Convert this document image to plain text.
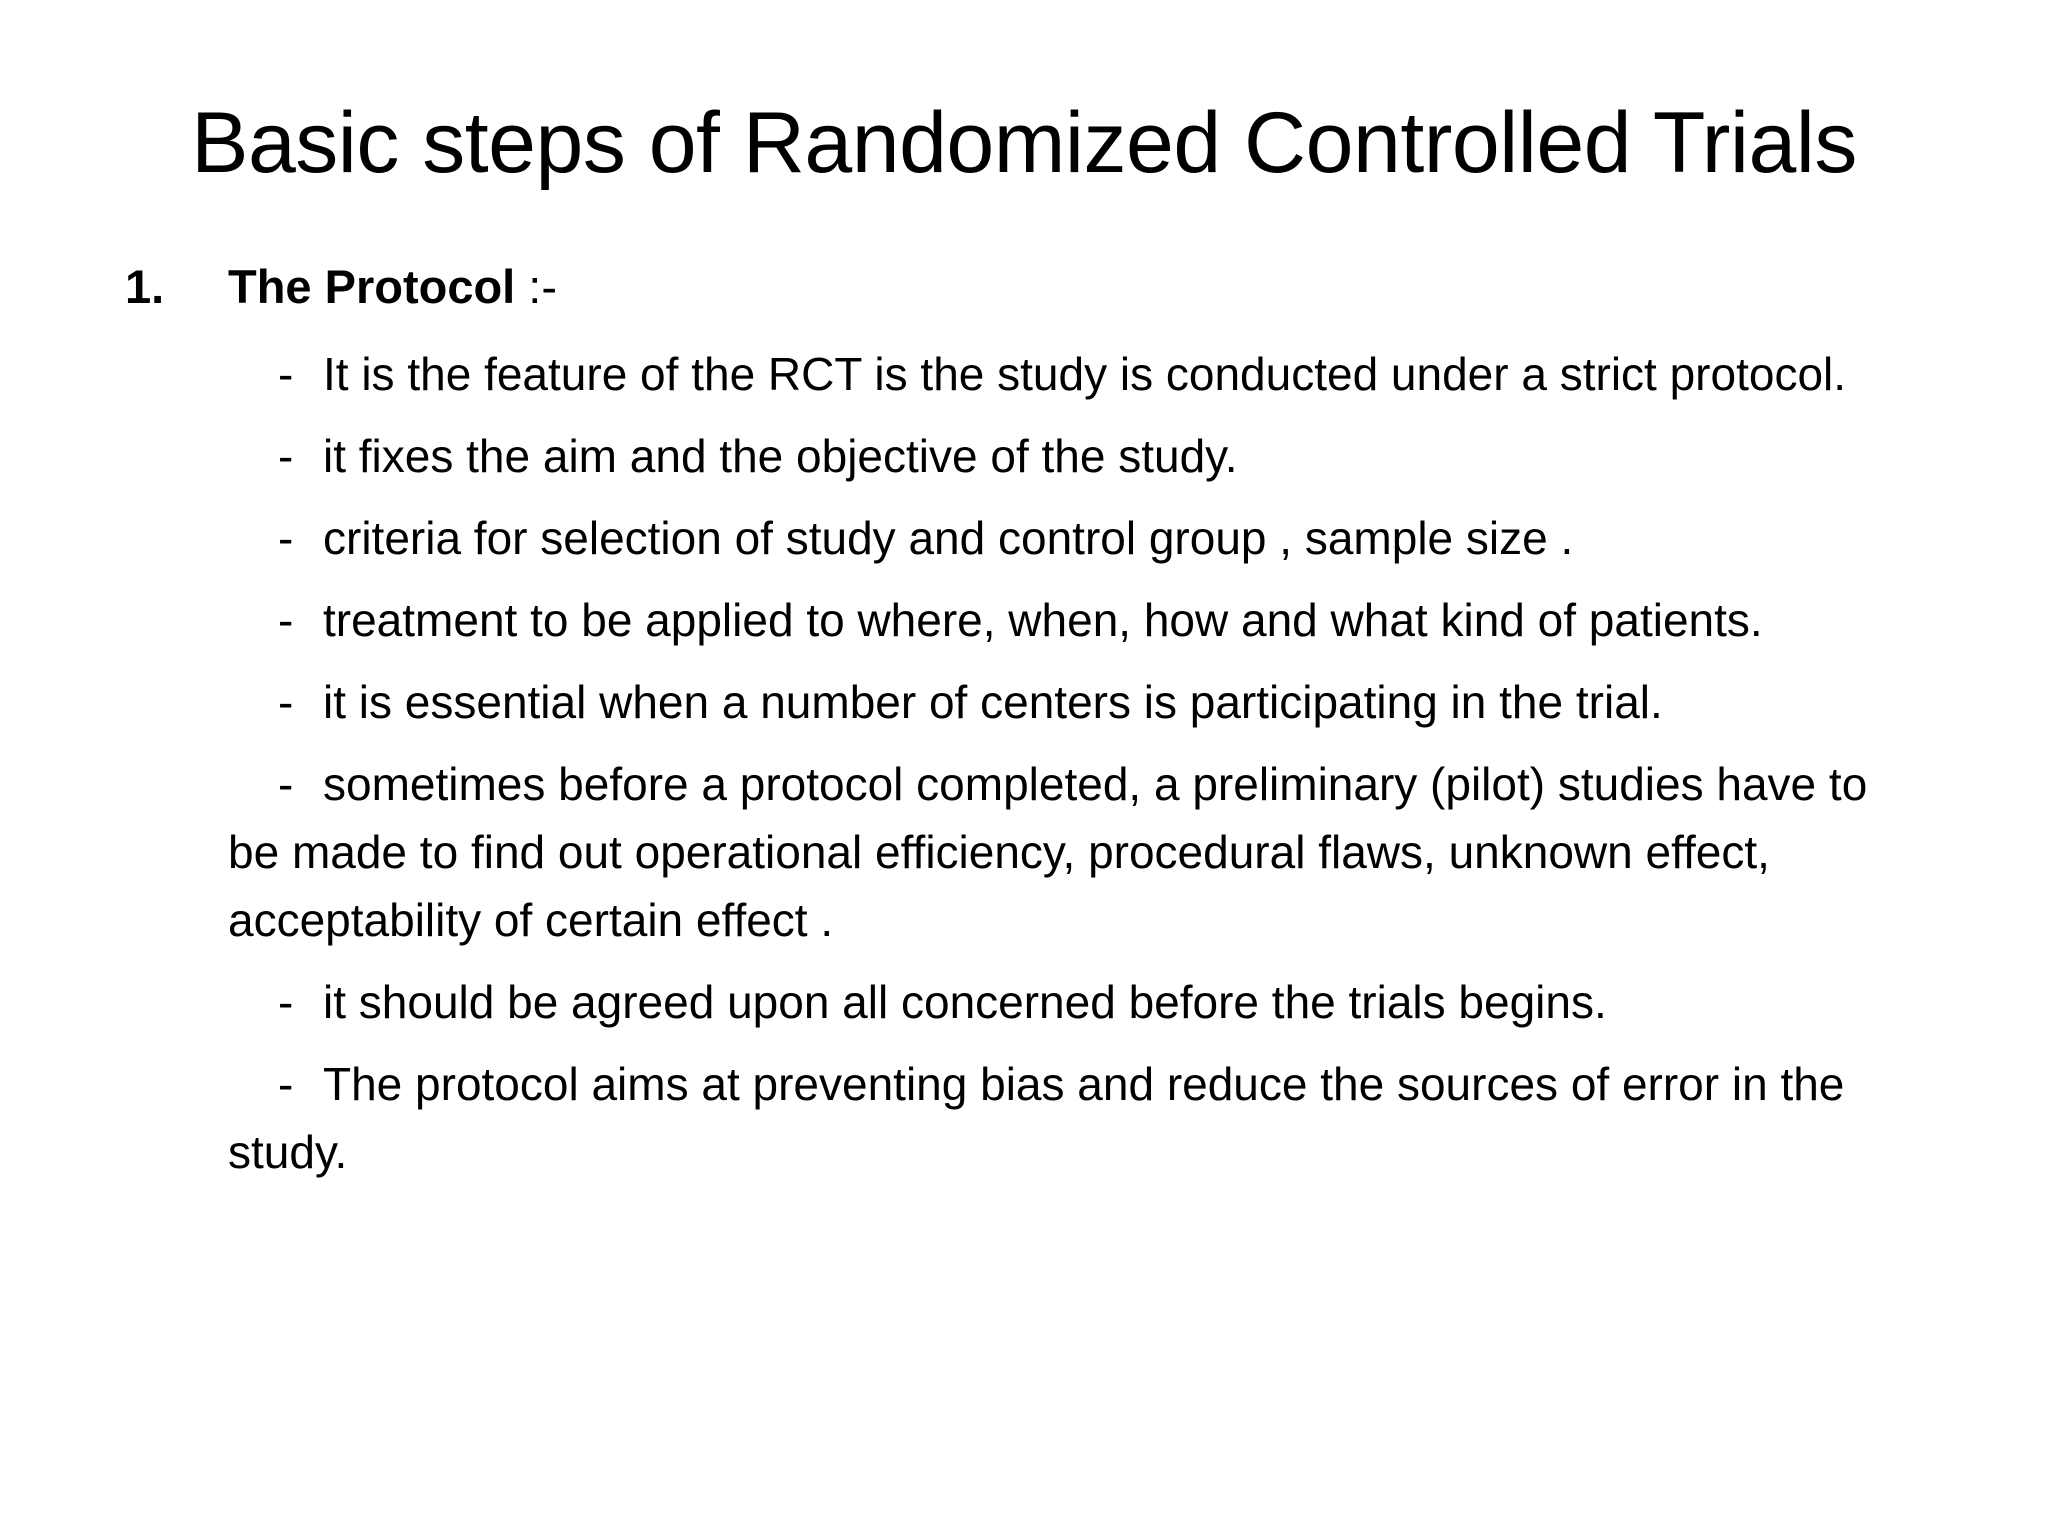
Basic steps of Randomized Controlled Trials
1. The Protocol :-
- It is the feature of the RCT is the study is conducted under a strict protocol.
- it fixes the aim and the objective of the study.
- criteria for selection of study and control group , sample size .
- treatment to be applied to where, when, how and what kind of patients.
- it is essential when a number of centers is participating in the trial.
- sometimes before a protocol completed, a preliminary (pilot) studies have to be made to find out operational efficiency, procedural flaws, unknown effect, acceptability of certain effect .
- it should be agreed upon all concerned before the trials begins.
- The protocol aims at preventing bias and reduce the sources of error in the study.
